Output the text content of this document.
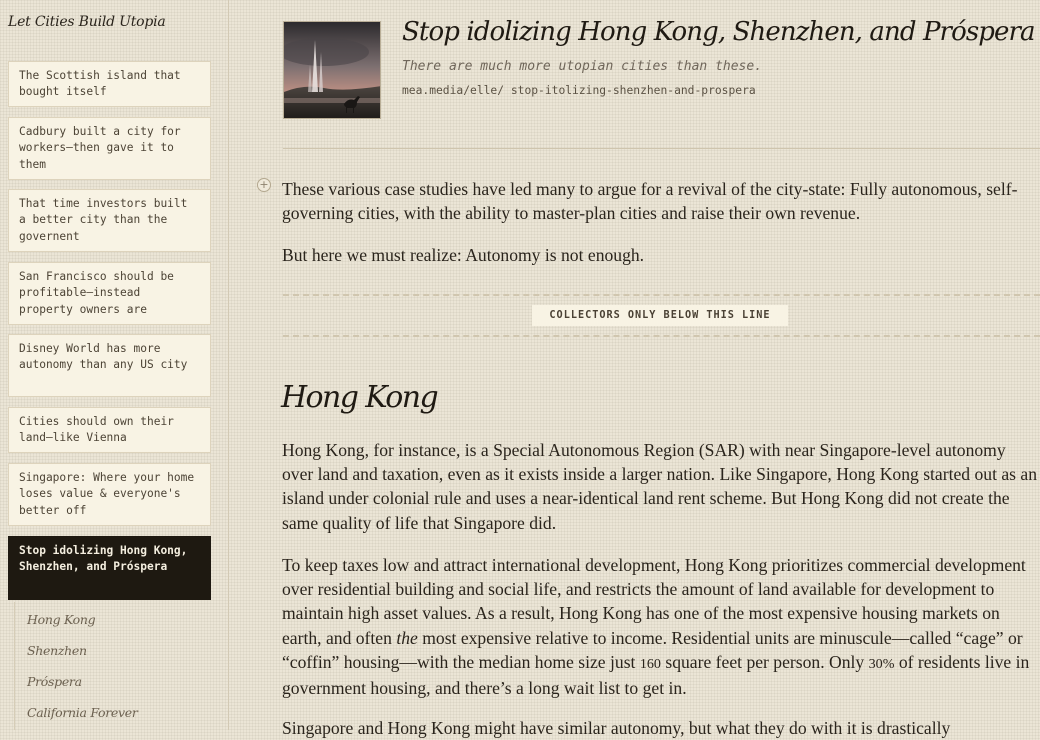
Let Cities Build Utopia
The Scottish island that bought itself
Cadbury built a city for workers—then gave it to them
That time investors built a better city than the governent
San Francisco should be profitable—instead property owners are
Disney World has more autonomy than any US city
Cities should own their land—like Vienna
Singapore: Where your home loses value & everyone's better off
Stop idolizing Hong Kong, Shenzhen, and Próspera
Hong Kong
Shenzhen
Próspera
California Forever
Stop idolizing Hong Kong, Shenzhen, and Próspera
There are much more utopian cities than these.
mea.media/elle/ stop-itolizing-shenzhen-and-prospera
+ These various case studies have led many to argue for a revival of the city-state: Fully autonomous, self-governing cities, with the ability to master-plan cities and raise their own revenue.

But here we must realize: Autonomy is not enough.

COLLECTORS ONLY BELOW THIS LINE
Hong Kong

Hong Kong, for instance, is a Special Autonomous Region (SAR) with near Singapore-level autonomy over land and taxation, even as it exists inside a larger nation. Like Singapore, Hong Kong started out as an island under colonial rule and uses a near-identical land rent scheme. But Hong Kong did not create the same quality of life that Singapore did.

To keep taxes low and attract international development, Hong Kong prioritizes commercial development over residential building and social life, and restricts the amount of land available for development to maintain high asset values. As a result, Hong Kong has one of the most expensive housing markets on earth, and often the most expensive relative to income. Residential units are minuscule—called “cage” or “coffin” housing—with the median home size just 160 square feet per person. Only 30% of residents live in government housing, and there’s a long wait list to get in.

Singapore and Hong Kong might have similar autonomy, but what they do with it is drastically
